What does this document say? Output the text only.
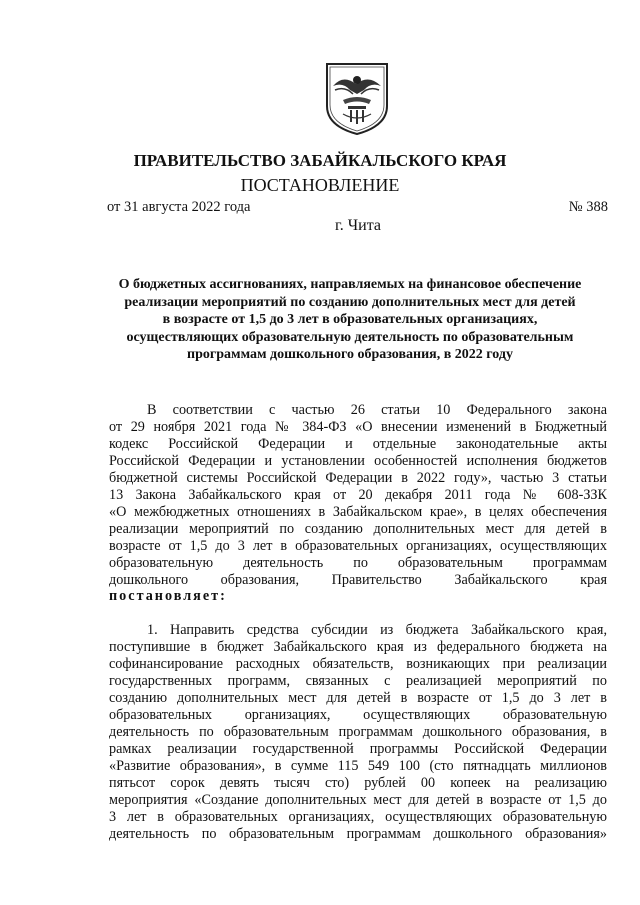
ПРАВИТЕЛЬСТВО ЗАБАЙКАЛЬСКОГО КРАЯ
ПОСТАНОВЛЕНИЕ
от 31 августа 2022 года	№ 388
г. Чита
О бюджетных ассигнованиях, направляемых на финансовое обеспечение
реализации мероприятий по созданию дополнительных мест для детей
в возрасте от 1,5 до 3 лет в образовательных организациях,
осуществляющих образовательную деятельность по образовательным
программам дошкольного образования, в 2022 году
В соответствии с частью 26 статьи 10 Федерального закона
от 29 ноября 2021 года № 384-ФЗ «О внесении изменений в Бюджетный
кодекс Российской Федерации и отдельные законодательные акты
Российской Федерации и установлении особенностей исполнения бюджетов
бюджетной системы Российской Федерации в 2022 году», частью 3 статьи
13 Закона Забайкальского края от 20 декабря 2011 года № 608-ЗЗК
«О межбюджетных отношениях в Забайкальском крае», в целях обеспечения
реализации мероприятий по созданию дополнительных мест для детей в
возрасте от 1,5 до 3 лет в образовательных организациях, осуществляющих
образовательную деятельность по образовательным программам
дошкольного образования, Правительство Забайкальского края
постановляет:
1. Направить средства субсидии из бюджета Забайкальского края,
поступившие в бюджет Забайкальского края из федерального бюджета на
софинансирование расходных обязательств, возникающих при реализации
государственных программ, связанных с реализацией мероприятий по
созданию дополнительных мест для детей в возрасте от 1,5 до 3 лет в
образовательных организациях, осуществляющих образовательную
деятельность по образовательным программам дошкольного образования, в
рамках реализации государственной программы Российской Федерации
«Развитие образования», в сумме 115 549 100 (сто пятнадцать миллионов
пятьсот сорок девять тысяч сто) рублей 00 копеек на реализацию
мероприятия «Создание дополнительных мест для детей в возрасте от 1,5 до
3 лет в образовательных организациях, осуществляющих образовательную
деятельность по образовательным программам дошкольного образования»
